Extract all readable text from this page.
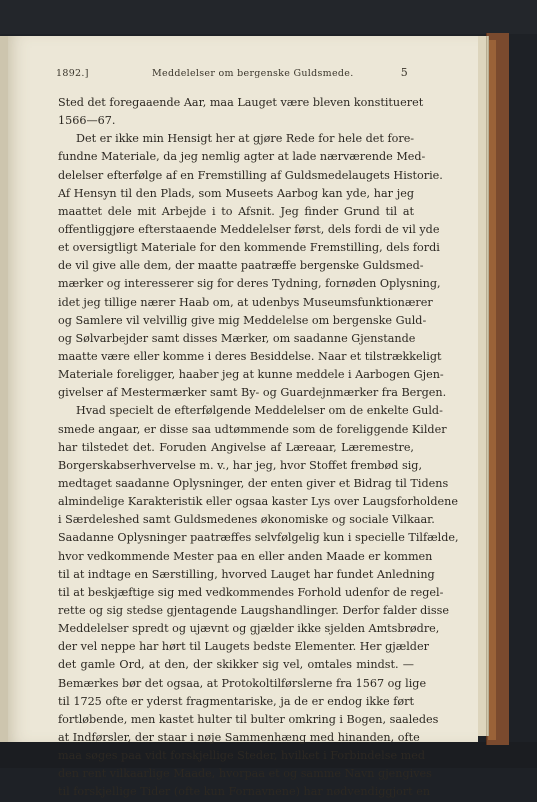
1892.]	Meddelelser om bergenske Guldsmede.	5
Sted det foregaaende Aar, maa Lauget være bleven konstitueret
1566—67.
Det er ikke min Hensigt her at gjøre Rede for hele det fore-
fundne Materiale, da jeg nemlig agter at lade nærværende Med-
delelser efterfølge af en Fremstilling af Guldsmedelaugets Historie.
Af Hensyn til den Plads, som Museets Aarbog kan yde, har jeg
maattet dele mit Arbejde i to Afsnit. Jeg finder Grund til at
offentliggjøre efterstaaende Meddelelser først, dels fordi de vil yde
et oversigtligt Materiale for den kommende Fremstilling, dels fordi
de vil give alle dem, der maatte paatræffe bergenske Guldsmed-
mærker og interesserer sig for deres Tydning, fornøden Oplysning,
idet jeg tillige nærer Haab om, at udenbys Museumsfunktionærer
og Samlere vil velvillig give mig Meddelelse om bergenske Guld-
og Sølvarbejder samt disses Mærker, om saadanne Gjenstande
maatte være eller komme i deres Besiddelse. Naar et tilstrækkeligt
Materiale foreligger, haaber jeg at kunne meddele i Aarbogen Gjen-
givelser af Mestermærker samt By- og Guardejnmærker fra Bergen.
Hvad specielt de efterfølgende Meddelelser om de enkelte Guld-
smede angaar, er disse saa udtømmende som de foreliggende Kilder
har tilstedet det. Foruden Angivelse af Læreaar, Læremestre,
Borgerskabserhvervelse m. v., har jeg, hvor Stoffet frembød sig,
medtaget saadanne Oplysninger, der enten giver et Bidrag til Tidens
almindelige Karakteristik eller ogsaa kaster Lys over Laugsforholdene
i Særdeleshed samt Guldsmedenes økonomiske og sociale Vilkaar.
Saadanne Oplysninger paatræffes selvfølgelig kun i specielle Tilfælde,
hvor vedkommende Mester paa en eller anden Maade er kommen
til at indtage en Særstilling, hvorved Lauget har fundet Anledning
til at beskjæftige sig med vedkommendes Forhold udenfor de regel-
rette og sig stedse gjentagende Laugshandlinger. Derfor falder disse
Meddelelser spredt og ujævnt og gjælder ikke sjelden Amtsbrødre,
der vel neppe har hørt til Laugets bedste Elementer. Her gjælder
det gamle Ord, at den, der skikker sig vel, omtales mindst. —
Bemærkes bør det ogsaa, at Protokoltilførslerne fra 1567 og lige
til 1725 ofte er yderst fragmentariske, ja de er endog ikke ført
fortløbende, men kastet hulter til bulter omkring i Bogen, saaledes
at Indførsler, der staar i nøje Sammenhæng med hinanden, ofte
maa søges paa vidt forskjellige Steder, hvilket i Forbindelse med
den rent vilkaarlige Maade, hvorpaa et og samme Navn gjengives
til forskjellige Tider (ofte kun Fornavnene) har nødvendiggjort en
